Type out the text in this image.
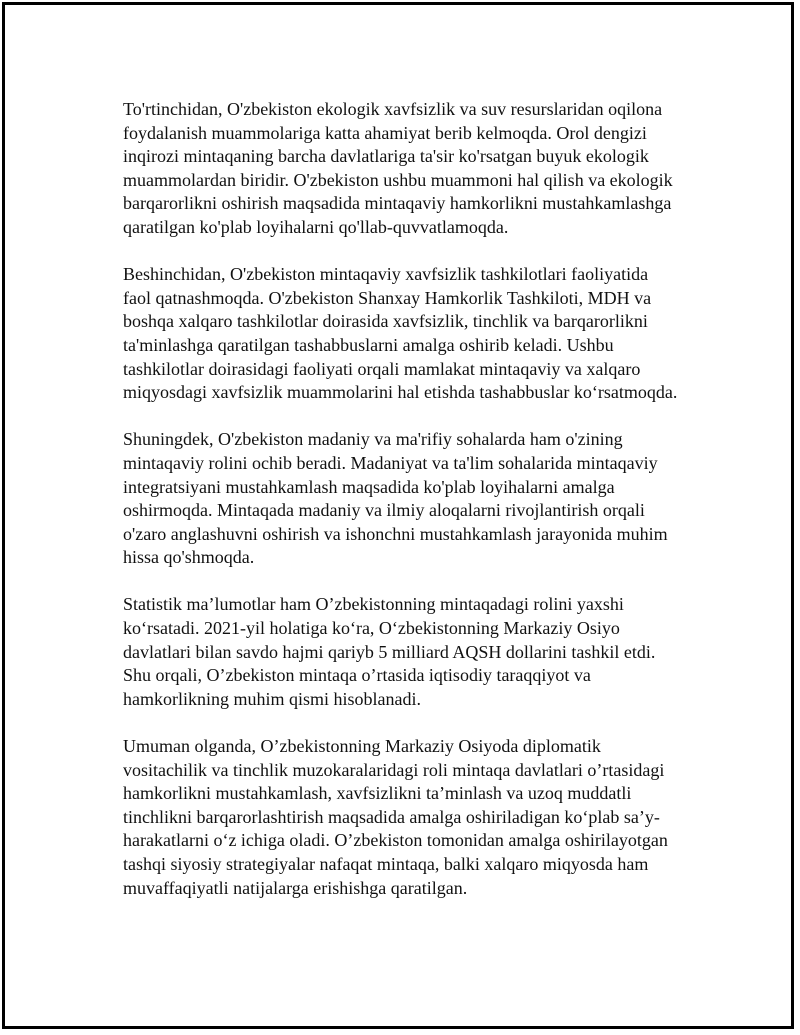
To'rtinchidan, O'zbekiston ekologik xavfsizlik va suv resurslaridan oqilona
foydalanish muammolariga katta ahamiyat berib kelmoqda. Orol dengizi
inqirozi mintaqaning barcha davlatlariga ta'sir ko'rsatgan buyuk ekologik
muammolardan biridir. O'zbekiston ushbu muammoni hal qilish va ekologik
barqarorlikni oshirish maqsadida mintaqaviy hamkorlikni mustahkamlashga
qaratilgan ko'plab loyihalarni qo'llab-quvvatlamoqda.

Beshinchidan, O'zbekiston mintaqaviy xavfsizlik tashkilotlari faoliyatida
faol qatnashmoqda. O'zbekiston Shanxay Hamkorlik Tashkiloti, MDH va
boshqa xalqaro tashkilotlar doirasida xavfsizlik, tinchlik va barqarorlikni
ta'minlashga qaratilgan tashabbuslarni amalga oshirib keladi. Ushbu
tashkilotlar doirasidagi faoliyati orqali mamlakat mintaqaviy va xalqaro
miqyosdagi xavfsizlik muammolarini hal etishda tashabbuslar ko‘rsatmoqda.

Shuningdek, O'zbekiston madaniy va ma'rifiy sohalarda ham o'zining
mintaqaviy rolini ochib beradi. Madaniyat va ta'lim sohalarida mintaqaviy
integratsiyani mustahkamlash maqsadida ko'plab loyihalarni amalga
oshirmoqda. Mintaqada madaniy va ilmiy aloqalarni rivojlantirish orqali
o'zaro anglashuvni oshirish va ishonchni mustahkamlash jarayonida muhim
hissa qo'shmoqda.

Statistik ma’lumotlar ham O’zbekistonning mintaqadagi rolini yaxshi
ko‘rsatadi. 2021-yil holatiga ko‘ra, O‘zbekistonning Markaziy Osiyo
davlatlari bilan savdo hajmi qariyb 5 milliard AQSH dollarini tashkil etdi.
Shu orqali, O’zbekiston mintaqa o’rtasida iqtisodiy taraqqiyot va
hamkorlikning muhim qismi hisoblanadi.

Umuman olganda, O’zbekistonning Markaziy Osiyoda diplomatik
vositachilik va tinchlik muzokaralaridagi roli mintaqa davlatlari o’rtasidagi
hamkorlikni mustahkamlash, xavfsizlikni ta’minlash va uzoq muddatli
tinchlikni barqarorlashtirish maqsadida amalga oshiriladigan ko‘plab sa’y-
harakatlarni o‘z ichiga oladi. O’zbekiston tomonidan amalga oshirilayotgan
tashqi siyosiy strategiyalar nafaqat mintaqa, balki xalqaro miqyosda ham
muvaffaqiyatli natijalarga erishishga qaratilgan.
